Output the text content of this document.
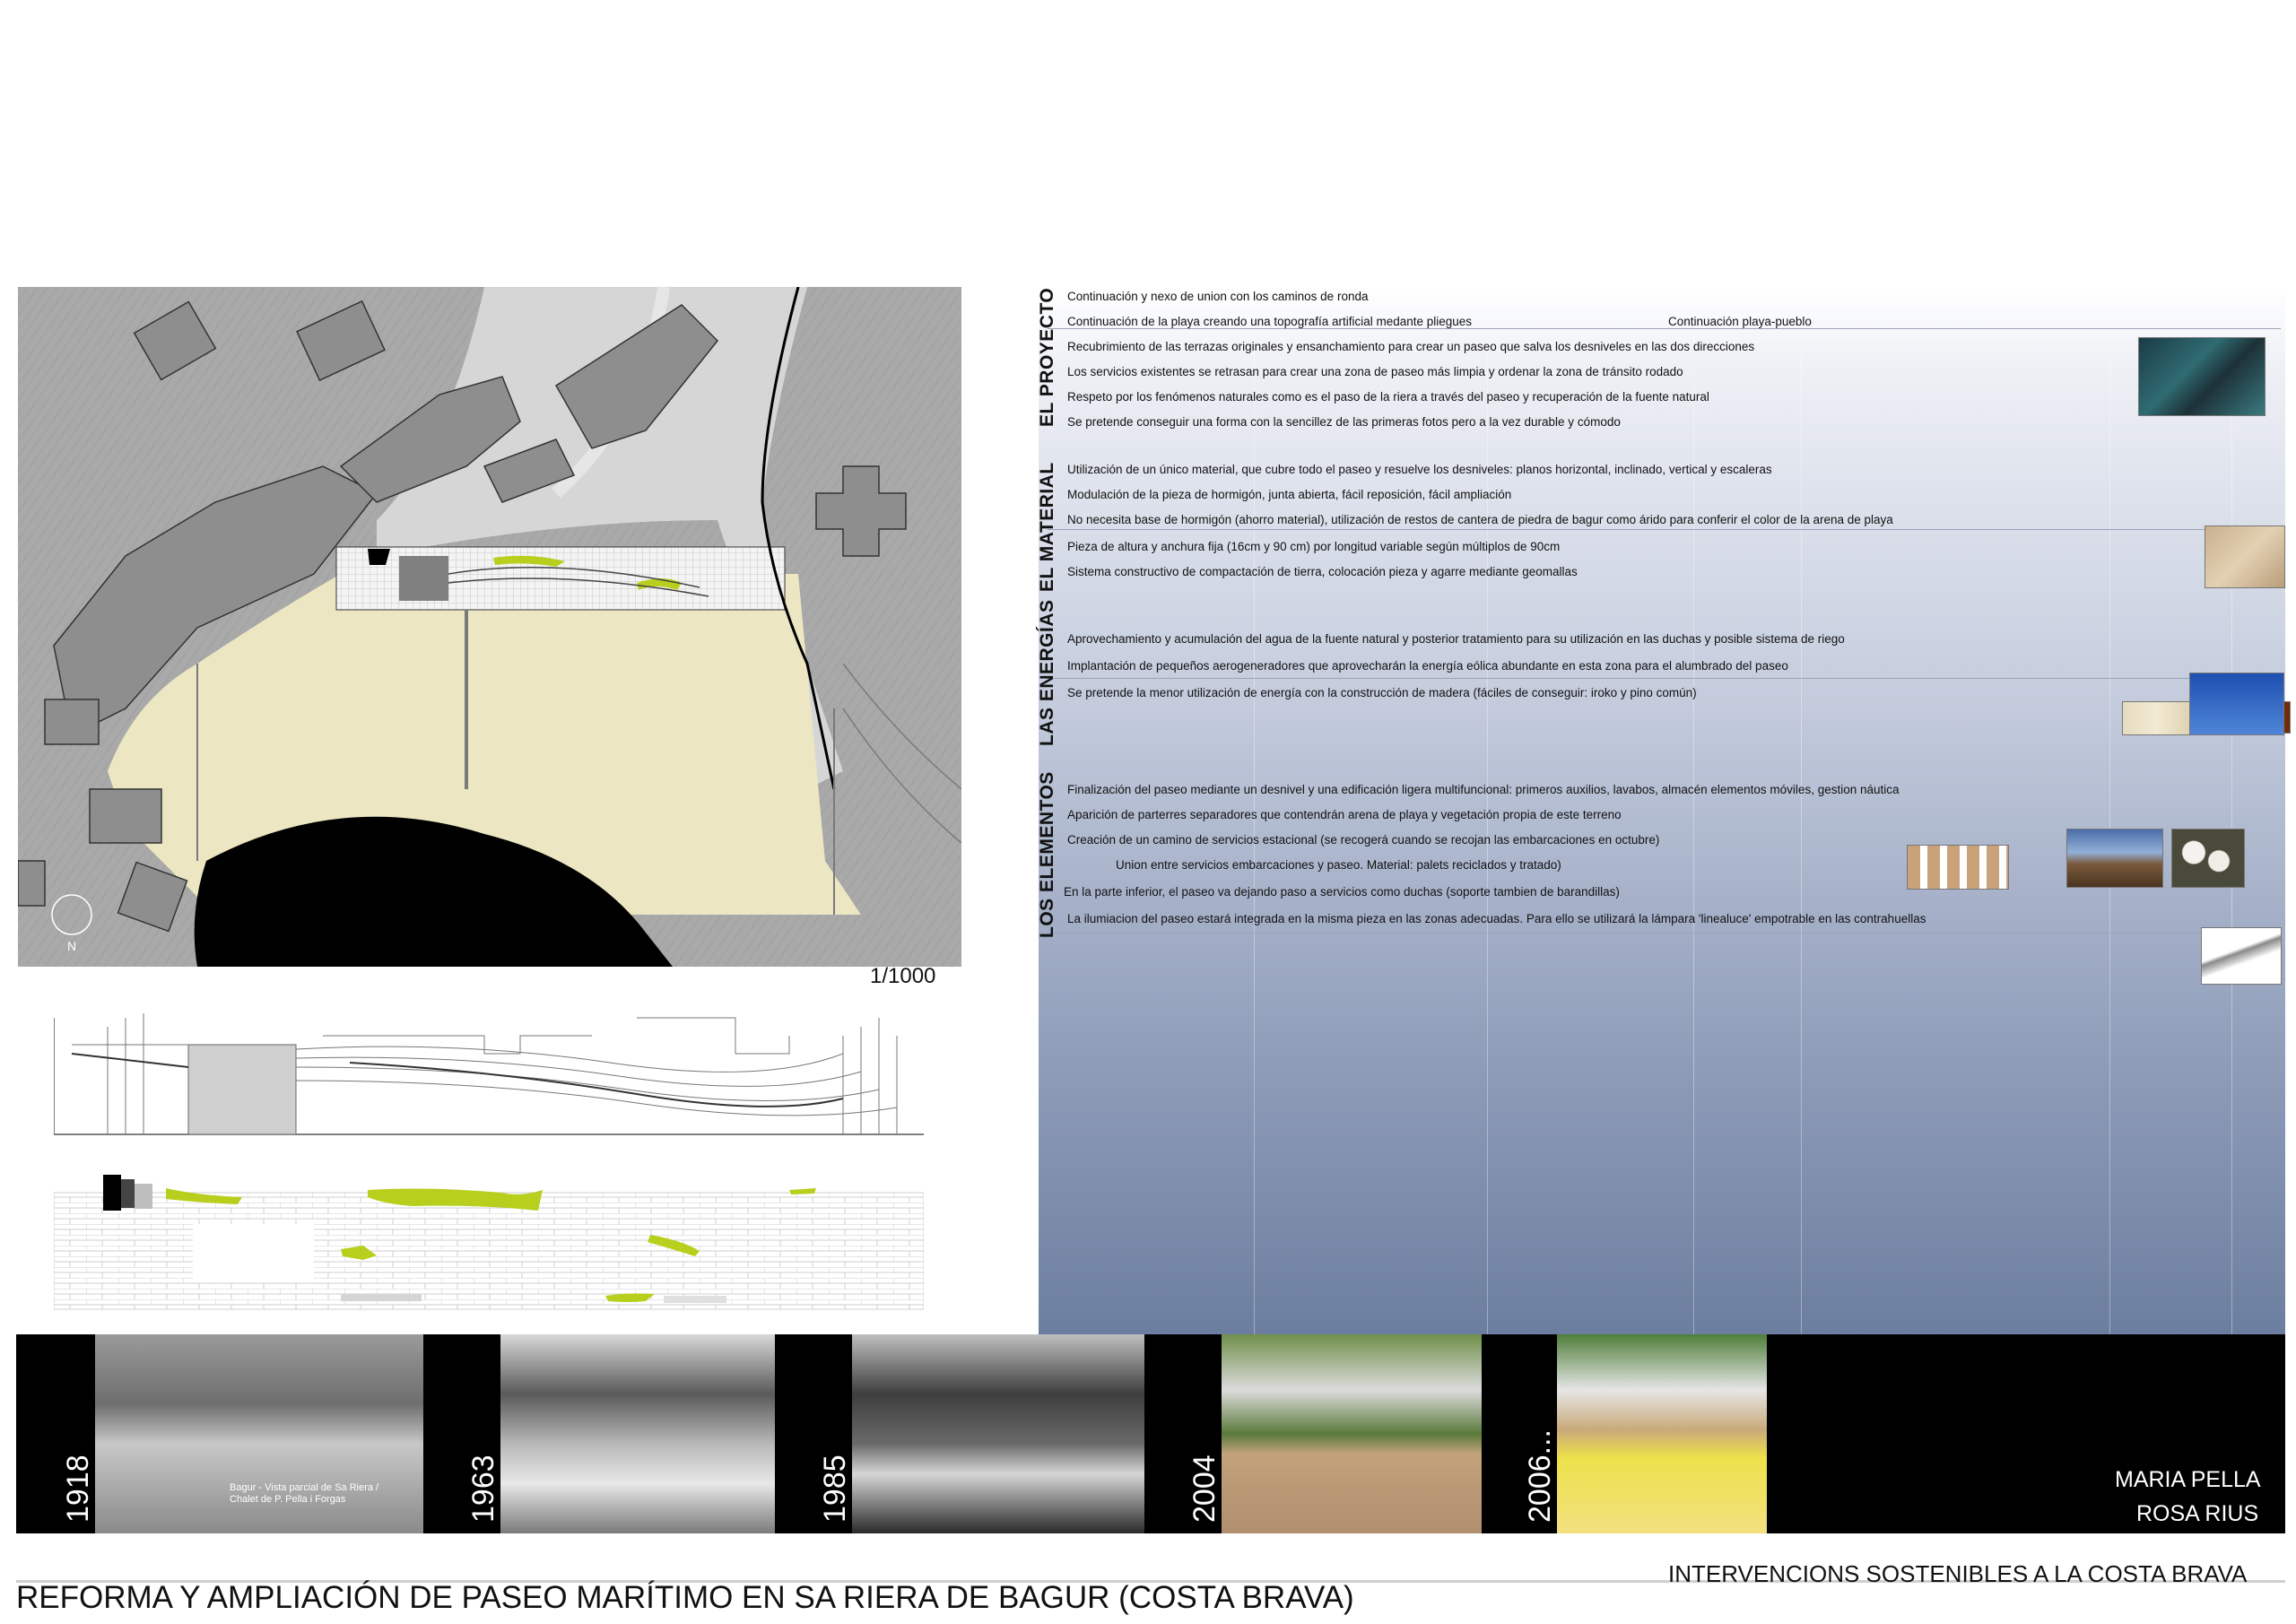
N
1/1000
EL PROYECTO Continuación y nexo de union con los caminos de ronda
Continuación de la playa creando una topografía artificial medante pliegues	Continuación playa-pueblo
Recubrimiento de las terrazas originales y ensanchamiento para crear un paseo que salva los desniveles en las dos direcciones
Los servicios existentes se retrasan para crear una zona de paseo más limpia y ordenar la zona de tránsito rodado
Respeto por los fenómenos naturales como es el paso de la riera a través del paseo y recuperación de la fuente natural
Se pretende conseguir una forma con la sencillez de las primeras fotos pero a la vez durable y cómodo
EL MATERIAL Utilización de un único material, que cubre todo el paseo y resuelve los desniveles: planos horizontal, inclinado, vertical y escaleras
Modulación de la pieza de hormigón, junta abierta, fácil reposición, fácil ampliación
No necesita base de hormigón (ahorro material), utilización de restos de cantera de piedra de bagur como árido para conferir el color de la arena de playa
Pieza de altura y anchura fija (16cm y 90 cm) por longitud variable según múltiplos de 90cm
Sistema constructivo de compactación de tierra, colocación pieza y agarre mediante geomallas
LAS ENERGÍAS Aprovechamiento y acumulación del agua de la fuente natural y posterior tratamiento para su utilización en las duchas y posible sistema de riego
Implantación de pequeños aerogeneradores que aprovecharán la energía eólica abundante en esta zona para el alumbrado del paseo
Se pretende la menor utilización de energía con la construcción de madera (fáciles de conseguir: iroko y pino común)
LOS ELEMENTOS Finalización del paseo mediante un desnivel y una edificación ligera multifuncional: primeros auxilios, lavabos, almacén elementos móviles, gestion náutica
Aparición de parterres separadores que contendrán arena de playa y vegetación propia de este terreno
Creación de un camino de servicios estacional (se recogerá cuando se recojan las embarcaciones en octubre)
Union entre servicios embarcaciones y paseo. Material: palets reciclados y tratado)
En la parte inferior, el paseo va dejando paso a servicios como duchas (soporte tambien de barandillas)
La ilumiacion del paseo estará integrada en la misma pieza en las zonas adecuadas. Para ello se utilizará la lámpara 'linealuce' empotrable en las contrahuellas
Bagur - Vista parcial de Sa Riera / Chalet de P. Pella i Forgas
1918	1963	1985	2004	2006...	MARIA PELLA
ROSA RIUS
INTERVENCIONS SOSTENIBLES A LA COSTA BRAVA
REFORMA Y AMPLIACIÓN DE PASEO MARÍTIMO EN SA RIERA DE BAGUR (COSTA BRAVA)
